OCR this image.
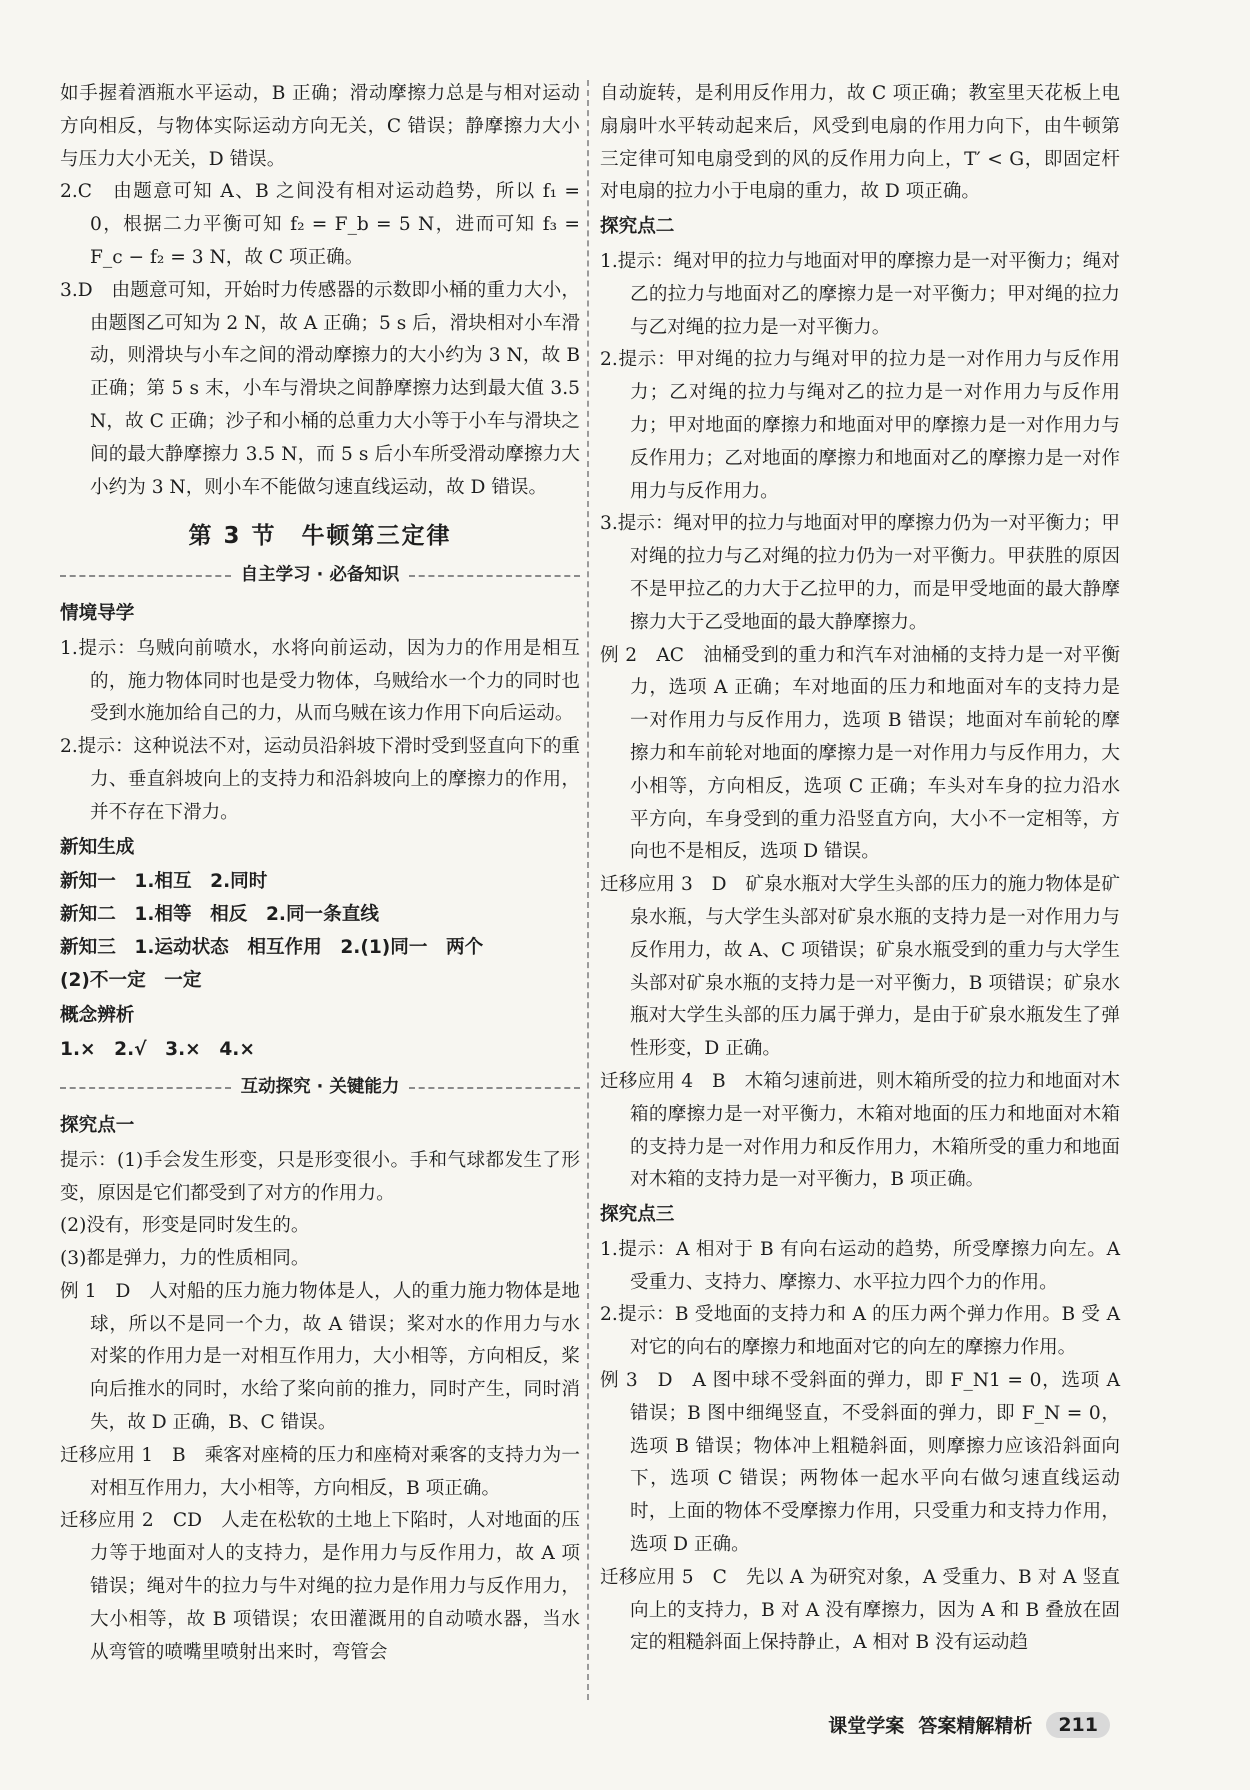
如手握着酒瓶水平运动，B 正确；滑动摩擦力总是与相对运动方向相反，与物体实际运动方向无关，C 错误；静摩擦力大小与压力大小无关，D 错误。

2.C　由题意可知 A、B 之间没有相对运动趋势，所以 f₁ = 0，根据二力平衡可知 f₂ = F_b = 5 N，进而可知 f₃ = F_c − f₂ = 3 N，故 C 项正确。

3.D　由题意可知，开始时力传感器的示数即小桶的重力大小，由题图乙可知为 2 N，故 A 正确；5 s 后，滑块相对小车滑动，则滑块与小车之间的滑动摩擦力的大小约为 3 N，故 B 正确；第 5 s 末，小车与滑块之间静摩擦力达到最大值 3.5 N，故 C 正确；沙子和小桶的总重力大小等于小车与滑块之间的最大静摩擦力 3.5 N，而 5 s 后小车所受滑动摩擦力大小约为 3 N，则小车不能做匀速直线运动，故 D 错误。

第 3 节　牛顿第三定律
自主学习 · 必备知识
情境导学

1.提示：乌贼向前喷水，水将向前运动，因为力的作用是相互的，施力物体同时也是受力物体，乌贼给水一个力的同时也受到水施加给自己的力，从而乌贼在该力作用下向后运动。

2.提示：这种说法不对，运动员沿斜坡下滑时受到竖直向下的重力、垂直斜坡向上的支持力和沿斜坡向上的摩擦力的作用，并不存在下滑力。

新知生成

新知一　1.相互　2.同时

新知二　1.相等　相反　2.同一条直线

新知三　1.运动状态　相互作用　2.(1)同一　两个

(2)不一定　一定

概念辨析

1.×　2.√　3.×　4.×

互动探究 · 关键能力
探究点一

提示：(1)手会发生形变，只是形变很小。手和气球都发生了形变，原因是它们都受到了对方的作用力。

(2)没有，形变是同时发生的。

(3)都是弹力，力的性质相同。

例 1　D　人对船的压力施力物体是人，人的重力施力物体是地球，所以不是同一个力，故 A 错误；桨对水的作用力与水对桨的作用力是一对相互作用力，大小相等，方向相反，桨向后推水的同时，水给了桨向前的推力，同时产生，同时消失，故 D 正确，B、C 错误。

迁移应用 1　B　乘客对座椅的压力和座椅对乘客的支持力为一对相互作用力，大小相等，方向相反，B 项正确。

迁移应用 2　CD　人走在松软的土地上下陷时，人对地面的压力等于地面对人的支持力，是作用力与反作用力，故 A 项错误；绳对牛的拉力与牛对绳的拉力是作用力与反作用力，大小相等，故 B 项错误；农田灌溉用的自动喷水器，当水从弯管的喷嘴里喷射出来时，弯管会

自动旋转，是利用反作用力，故 C 项正确；教室里天花板上电扇扇叶水平转动起来后，风受到电扇的作用力向下，由牛顿第三定律可知电扇受到的风的反作用力向上，T′ < G，即固定杆对电扇的拉力小于电扇的重力，故 D 项正确。

探究点二

1.提示：绳对甲的拉力与地面对甲的摩擦力是一对平衡力；绳对乙的拉力与地面对乙的摩擦力是一对平衡力；甲对绳的拉力与乙对绳的拉力是一对平衡力。

2.提示：甲对绳的拉力与绳对甲的拉力是一对作用力与反作用力；乙对绳的拉力与绳对乙的拉力是一对作用力与反作用力；甲对地面的摩擦力和地面对甲的摩擦力是一对作用力与反作用力；乙对地面的摩擦力和地面对乙的摩擦力是一对作用力与反作用力。

3.提示：绳对甲的拉力与地面对甲的摩擦力仍为一对平衡力；甲对绳的拉力与乙对绳的拉力仍为一对平衡力。甲获胜的原因不是甲拉乙的力大于乙拉甲的力，而是甲受地面的最大静摩擦力大于乙受地面的最大静摩擦力。

例 2　AC　油桶受到的重力和汽车对油桶的支持力是一对平衡力，选项 A 正确；车对地面的压力和地面对车的支持力是一对作用力与反作用力，选项 B 错误；地面对车前轮的摩擦力和车前轮对地面的摩擦力是一对作用力与反作用力，大小相等，方向相反，选项 C 正确；车头对车身的拉力沿水平方向，车身受到的重力沿竖直方向，大小不一定相等，方向也不是相反，选项 D 错误。

迁移应用 3　D　矿泉水瓶对大学生头部的压力的施力物体是矿泉水瓶，与大学生头部对矿泉水瓶的支持力是一对作用力与反作用力，故 A、C 项错误；矿泉水瓶受到的重力与大学生头部对矿泉水瓶的支持力是一对平衡力，B 项错误；矿泉水瓶对大学生头部的压力属于弹力，是由于矿泉水瓶发生了弹性形变，D 正确。

迁移应用 4　B　木箱匀速前进，则木箱所受的拉力和地面对木箱的摩擦力是一对平衡力，木箱对地面的压力和地面对木箱的支持力是一对作用力和反作用力，木箱所受的重力和地面对木箱的支持力是一对平衡力，B 项正确。

探究点三

1.提示：A 相对于 B 有向右运动的趋势，所受摩擦力向左。A 受重力、支持力、摩擦力、水平拉力四个力的作用。

2.提示：B 受地面的支持力和 A 的压力两个弹力作用。B 受 A 对它的向右的摩擦力和地面对它的向左的摩擦力作用。

例 3　D　A 图中球不受斜面的弹力，即 F_N1 = 0，选项 A 错误；B 图中细绳竖直，不受斜面的弹力，即 F_N = 0，选项 B 错误；物体冲上粗糙斜面，则摩擦力应该沿斜面向下，选项 C 错误；两物体一起水平向右做匀速直线运动时，上面的物体不受摩擦力作用，只受重力和支持力作用，选项 D 正确。

迁移应用 5　C　先以 A 为研究对象，A 受重力、B 对 A 竖直向上的支持力，B 对 A 没有摩擦力，因为 A 和 B 叠放在固定的粗糙斜面上保持静止，A 相对 B 没有运动趋

课堂学案 答案精解精析	211
